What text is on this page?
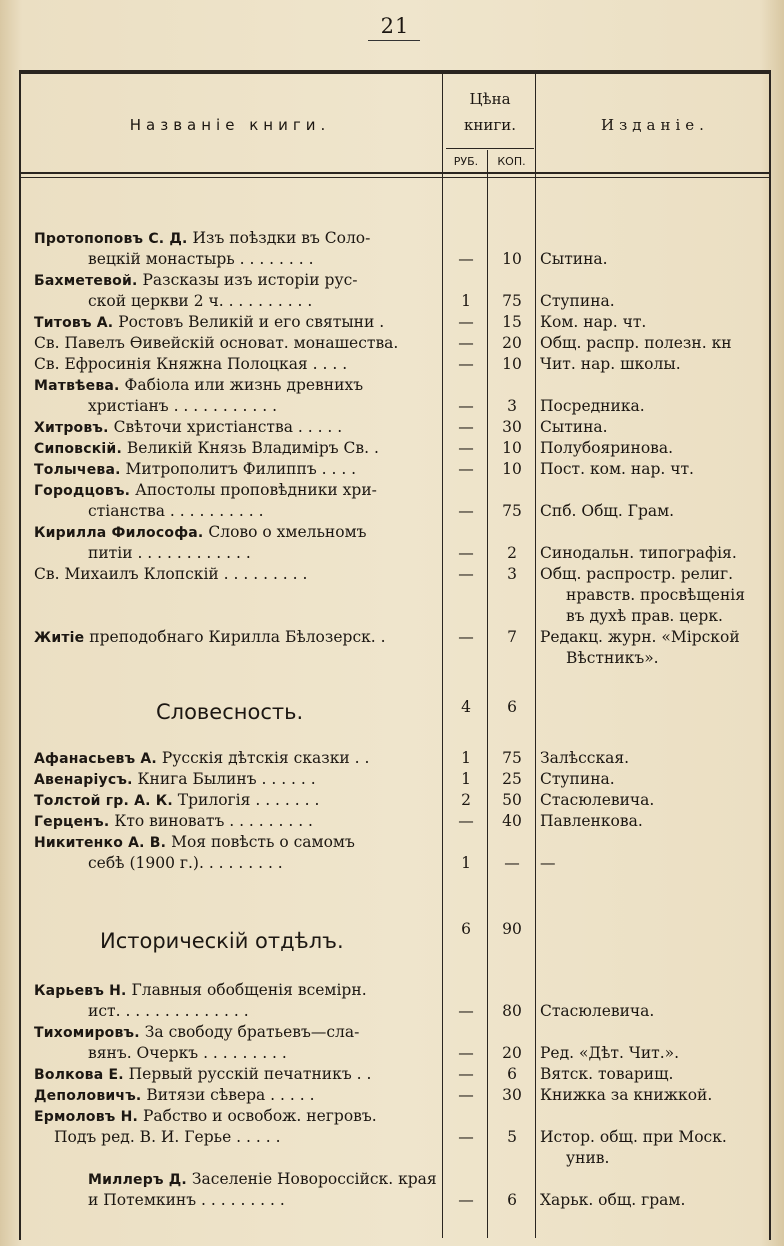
21
Названіе книги.
Цѣна
книги.
РУБ.	КОП.
Изданіе.
Словесность.	4	6
Историческій отдѣлъ.	6	90
Протопоповъ С. Д. Изъ поѣздки въ Соло-
вецкій монастырь . . . . . . . .	—	10	Сытина.
Бахметевой. Разсказы изъ исторіи рус-
ской церкви 2 ч. . . . . . . . . .	1	75	Ступина.
Титовъ А. Ростовъ Великій и его святыни .	—	15	Ком. нар. чт.
Св. Павелъ Ѳивейскій основат. монашества.	—	20	Общ. распр. полезн. кн
Св. Ефросинія Княжна Полоцкая . . . .	—	10	Чит. нар. школы.
Матвѣева. Фабіола или жизнь древнихъ
христіанъ . . . . . . . . . . .	—	3	Посредника.
Хитровъ. Свѣточи христіанства . . . . .	—	30	Сытина.
Сиповскій. Великій Князь Владиміръ Св. .	—	10	Полубояринова.
Толычева. Митрополитъ Филиппъ . . . .	—	10	Пост. ком. нар. чт.
Городцовъ. Апостолы проповѣдники хри-
стіанства . . . . . . . . . .	—	75	Спб. Общ. Грам.
Кирилла Философа. Слово о хмельномъ
питіи . . . . . . . . . . . .	—	2	Синодальн. типографія.
Св. Михаилъ Клопскій . . . . . . . . .	—	3	Общ. распростр. религ.
нравств. просвѣщенія
въ духѣ прав. церк.
Житіе преподобнаго Кирилла Бѣлозерск. .	—	7	Редакц. журн. «Мірской
Вѣстникъ».
Афанасьевъ А. Русскія дѣтскія сказки . .	1	75	Залѣсская.
Авенаріусъ. Книга Былинъ . . . . . .	1	25	Ступина.
Толстой гр. А. К. Трилогія . . . . . . .	2	50	Стасюлевича.
Герценъ. Кто виноватъ . . . . . . . . .	—	40	Павленкова.
Никитенко А. В. Моя повѣсть о самомъ
себѣ (1900 г.). . . . . . . . .	1	—	—
Карьевъ Н. Главныя обобщенія всемірн.
ист. . . . . . . . . . . . . .	—	80	Стасюлевича.
Тихомировъ. За свободу братьевъ—сла-
вянъ. Очеркъ . . . . . . . . .	—	20	Ред. «Дѣт. Чит.».
Волкова Е. Первый русскій печатникъ . .	—	6	Вятск. товарищ.
Деполовичъ. Витязи сѣвера . . . . .	—	30	Книжка за книжкой.
Ермоловъ Н. Рабство и освобож. негровъ.
Подъ ред. В. И. Герье . . . . .	—	5	Истор. общ. при Моск.
унив.
Миллеръ Д. Заселеніе Новороссійск. края
и Потемкинъ . . . . . . . . .	—	6	Харьк. общ. грам.
